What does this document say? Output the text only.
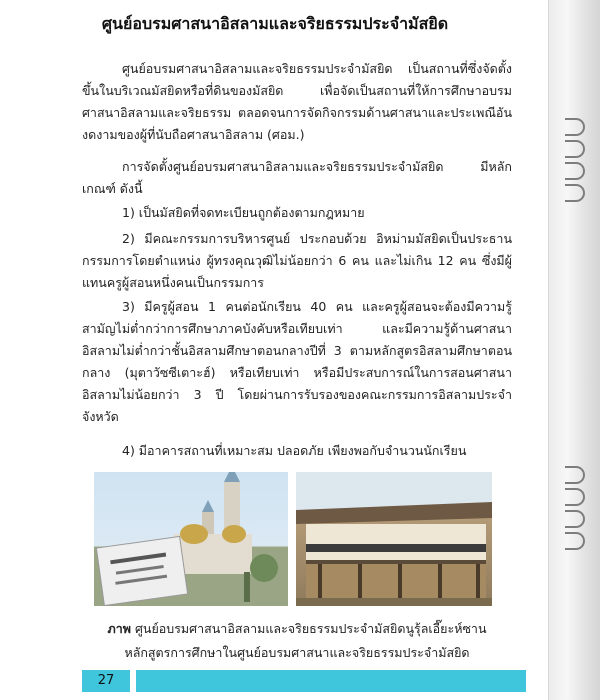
ศูนย์อบรมศาสนาอิสลามและจริยธรรมประจำมัสยิด
ศูนย์อบรมศาสนาอิสลามและจริยธรรมประจำมัสยิด เป็นสถานที่ซึ่งจัดตั้งขึ้นในบริเวณมัสยิดหรือที่ดินของมัสยิด เพื่อจัดเป็นสถานที่ให้การศึกษาอบรมศาสนาอิสลามและจริยธรรม ตลอดจนการจัดกิจกรรมด้านศาสนาและประเพณีอันงดงามของผู้ที่นับถือศาสนาอิสลาม (ศอม.)
การจัดตั้งศูนย์อบรมศาสนาอิสลามและจริยธรรมประจำมัสยิด มีหลักเกณฑ์ ดังนี้
1) เป็นมัสยิดที่จดทะเบียนถูกต้องตามกฎหมาย
2) มีคณะกรรมการบริหารศูนย์ ประกอบด้วย อิหม่ามมัสยิดเป็นประธานกรรมการโดยตำแหน่ง ผู้ทรงคุณวุฒิไม่น้อยกว่า 6 คน และไม่เกิน 12 คน ซึ่งมีผู้แทนครูผู้สอนหนึ่งคนเป็นกรรมการ
3) มีครูผู้สอน 1 คนต่อนักเรียน 40 คน และครูผู้สอนจะต้องมีความรู้สามัญไม่ต่ำกว่าการศึกษาภาคบังคับหรือเทียบเท่า และมีความรู้ด้านศาสนาอิสลามไม่ต่ำกว่าชั้นอิสลามศึกษาตอนกลางปีที่ 3 ตามหลักสูตรอิสลามศึกษาตอนกลาง (มุตาวัซซีเตาะฮ์) หรือเทียบเท่า หรือมีประสบการณ์ในการสอนศาสนาอิสลามไม่น้อยกว่า 3 ปี โดยผ่านการรับรองของคณะกรรมการอิสลามประจำจังหวัด
4) มีอาคารสถานที่เหมาะสม ปลอดภัย เพียงพอกับจำนวนนักเรียน
ภาพ ศูนย์อบรมศาสนาอิสลามและจริยธรรมประจำมัสยิดนูรุ้ลเอี๊ยะห์ซาน
หลักสูตรการศึกษาในศูนย์อบรมศาสนาและจริยธรรมประจำมัสยิด
27
